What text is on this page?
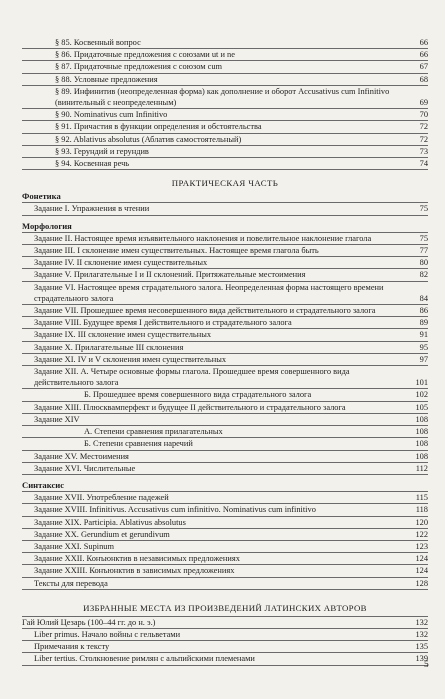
§ 85. Косвенный вопрос	66
§ 86. Придаточные предложения с союзами ut и ne	66
§ 87. Придаточные предложения с союзом cum	67
§ 88. Условные предложения	68
§ 89. Инфинитив (неопределенная форма) как дополнение и оборот Accusativus cum Infinitivo (винительный с неопределенным)	69
§ 90. Nominativus cum Infinitivo	70
§ 91. Причастия в функции определения и обстоятельства	72
§ 92. Ablativus absolutus (Аблатив самостоятельный)	72
§ 93. Герундий и герундив	73
§ 94. Косвенная речь	74
ПРАКТИЧЕСКАЯ ЧАСТЬ
Фонетика
Задание I. Упражнения в чтении	75
Морфология
Задание II. Настоящее время изъявительного наклонения и повелительное наклонение глагола	75
Задание III. I склонение имен существительных. Настоящее время глагола быть	77
Задание IV. II склонение имен существительных	80
Задание V. Прилагательные I и II склонений. Притяжательные местоимения	82
Задание VI. Настоящее время страдательного залога. Неопределенная форма настоящего времени страдательного залога	84
Задание VII. Прошедшее время несовершенного вида действительного и страдательного залога	86
Задание VIII. Будущее время I действительного и страдательного залога	89
Задание IX. III склонение имен существительных	91
Задание X. Прилагательные III склонения	95
Задание XI. IV и V склонения имен существительных	97
Задание XII. А. Четыре основные формы глагола. Прошедшее время совершенного вида действительного залога	101
Б. Прошедшее время совершенного вида страдательного залога	102
Задание XIII. Плюсквамперфект и будущее II действительного и страдательного залога	105
Задание XIV	108
А. Степени сравнения прилагательных	108
Б. Степени сравнения наречий	108
Задание XV. Местоимения	108
Задание XVI. Числительные	112
Синтаксис
Задание XVII. Употребление падежей	115
Задание XVIII. Infinitivus. Accusativus cum infinitivo. Nominativus cum infinitivo	118
Задание XIX. Participia. Ablativus absolutus	120
Задание XX. Gerundium et gerundivum	122
Задание XXI. Supinum	123
Задание XXII. Конъюнктив в независимых предложениях	124
Задание XXIII. Конъюнктив в зависимых предложениях	124
Тексты для перевода	128
ИЗБРАННЫЕ МЕСТА ИЗ ПРОИЗВЕДЕНИЙ ЛАТИНСКИХ АВТОРОВ
Гай Юлий Цезарь (100–44 гг. до н. э.)	132
Liber primus. Начало войны с гельветами	132
Примечания к тексту	135
Liber tertius. Столкновение римлян с альпийскими племенами	139
5
